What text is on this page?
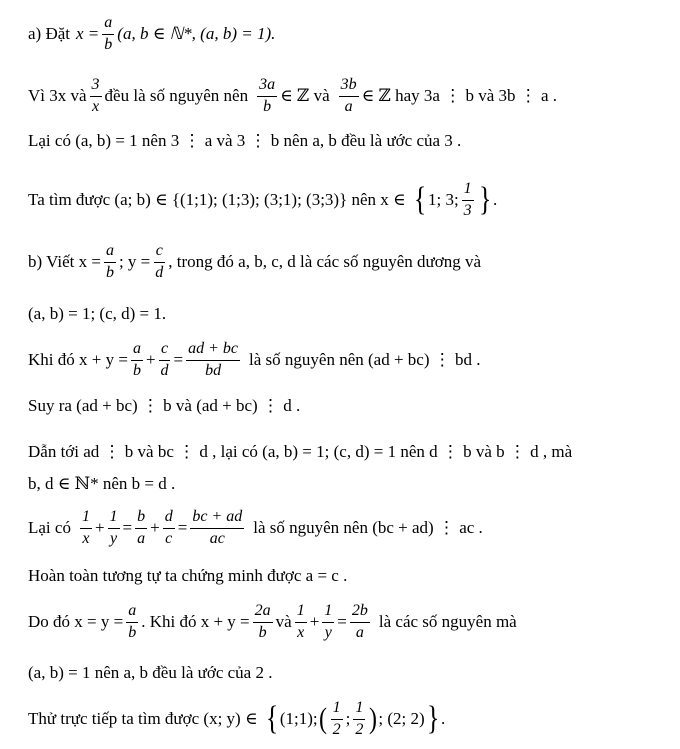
a) Đặt $x = \frac{a}{b} (a$, b ∈ ℕ*, (a, b) = 1).
Vì 3x và $\frac{3}{x}$ đều là số nguyên nên $\frac{3a}{b}$ ∈ ℤ và $\frac{3b}{a}$ ∈ ℤ hay 3a ⋮ b và 3b ⋮ a .
Lại có (a, b) = 1 nên 3 ⋮ a và 3 ⋮ b nên a, b đều là ước của 3 .
Ta tìm được (a; b) ∈ {(1;1); (1;3); (3;1); (3;3)} nên x ∈ { 1; 3; $\frac{1}{3}$ } .
b) Viết $x = \frac{a}{b}$ ; $y = \frac{c}{d}$ , trong đó a, b, c, d là các số nguyên dương và
(a, b) = 1; (c, d) = 1.
Khi đó $x + y = \frac{a}{b} + \frac{c}{d} = \frac{ad + bc}{bd}$ là số nguyên nên (ad + bc) ⋮ bd .
Suy ra (ad + bc) ⋮ b và (ad + bc) ⋮ d .
Dẫn tới ad ⋮ b và bc ⋮ d , lại có (a, b) = 1; (c, d) = 1 nên d ⋮ b và b ⋮ d , mà
b, d ∈ ℕ* nên b = d .
Lại có $\frac{1}{x} + \frac{1}{y} = \frac{b}{a} + \frac{d}{c} = \frac{bc + ad}{ac}$ là số nguyên nên (bc + ad) ⋮ ac .
Hoàn toàn tương tự ta chứng minh được a = c .
Do đó $x = y = \frac{a}{b}$ . Khi đó $x + y = \frac{2a}{b}$ và $\frac{1}{x} + \frac{1}{y} = \frac{2b}{a}$ là các số nguyên mà
(a, b) = 1 nên a, b đều là ước của 2 .
Thử trực tiếp ta tìm được (x; y) ∈ { (1;1); ( $\frac{1}{2}$ ; $\frac{1}{2}$ ) ; (2; 2) } .
